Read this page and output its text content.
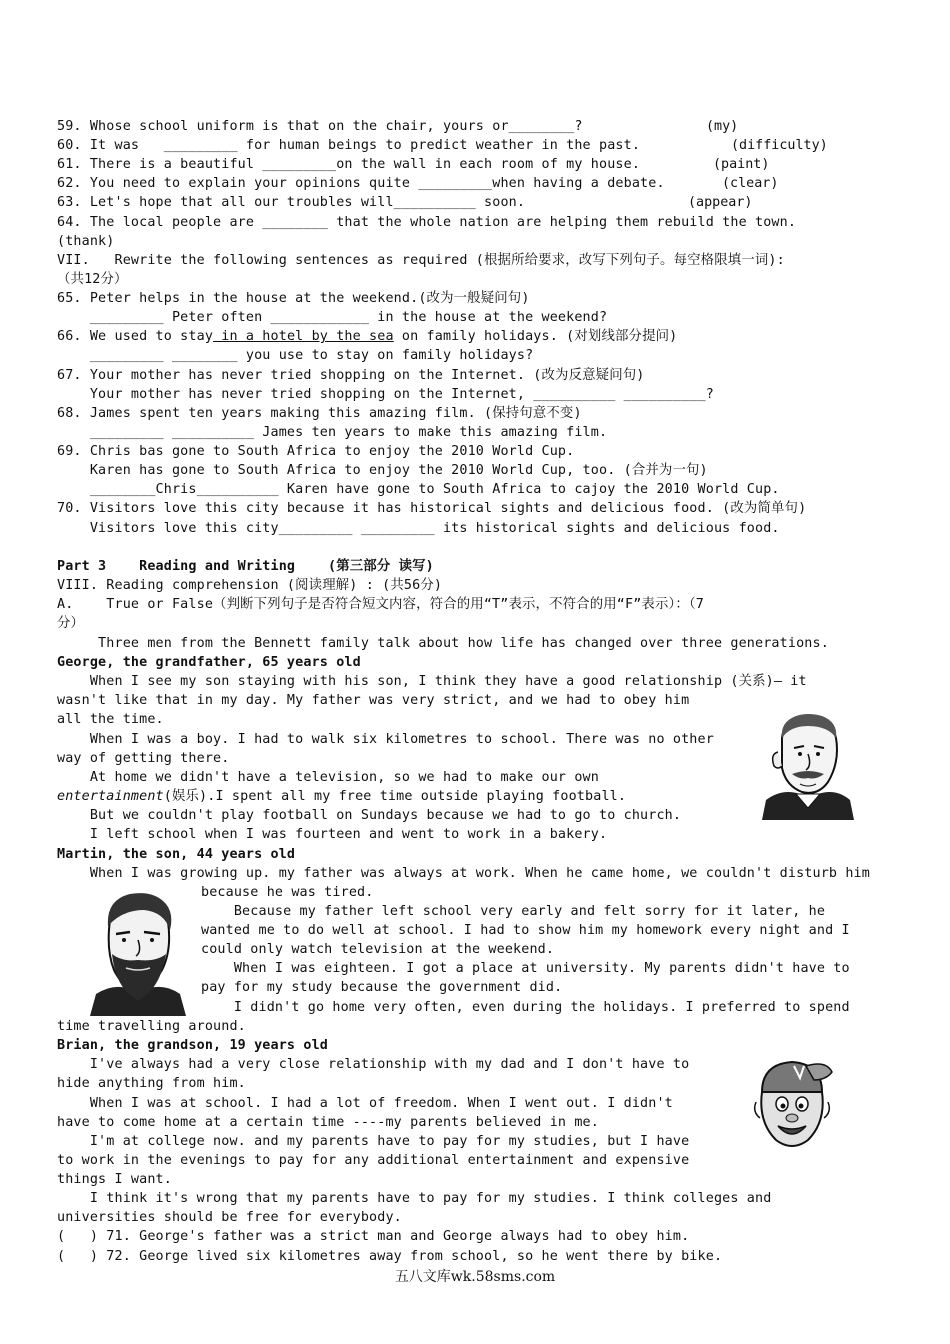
59. Whose school uniform is that on the chair, yours or________?	(my)
60. It was   _________ for human beings to predict weather in the past.	(difficulty)
61. There is a beautiful _________on the wall in each room of my house.	(paint)
62. You need to explain your opinions quite _________when having a debate.	(clear)
63. Let's hope that all our troubles will__________ soon.	(appear)
64. The local people are ________ that the whole nation are helping them rebuild the town.
(thank)
VII.   Rewrite the following sentences as required (根据所给要求，改写下列句子。每空格限填一词):
（共12分）
65. Peter helps in the house at the weekend.(改为一般疑问句)
_________ Peter often ____________ in the house at the weekend?
66. We used to stay in a hotel by the sea on family holidays. (对划线部分提问)
_________ ________ you use to stay on family holidays?
67. Your mother has never tried shopping on the Internet. (改为反意疑问句)
Your mother has never tried shopping on the Internet, __________ __________?
68. James spent ten years making this amazing film. (保持句意不变)
_________ __________ James ten years to make this amazing film.
69. Chris bas gone to South Africa to enjoy the 2010 World Cup.
Karen has gone to South Africa to enjoy the 2010 World Cup, too. (合并为一句)
________Chris__________ Karen have gone to South Africa to cajoy the 2010 World Cup.
70. Visitors love this city because it has historical sights and delicious food. (改为简单句)
Visitors love this city_________ _________ its historical sights and delicious food.
Part 3    Reading and Writing    (第三部分 读写)
VIII. Reading comprehension (阅读理解) : (共56分)
A.    True or False（判断下列句子是否符合短文内容，符合的用“T”表示，不符合的用“F”表示）：（7
分）
Three men from the Bennett family talk about how life has changed over three generations.
George, the grandfather, 65 years old
When I see my son staying with his son, I think they have a good relationship (关系)— it
wasn't like that in my day. My father was very strict, and we had to obey him
all the time.
When I was a boy. I had to walk six kilometres to school. There was no other
way of getting there.
At home we didn't have a television, so we had to make our own
entertainment(娱乐).I spent all my free time outside playing football.
But we couldn't play football on Sundays because we had to go to church.
I left school when I was fourteen and went to work in a bakery.
Martin, the son, 44 years old
When I was growing up. my father was always at work. When he came home, we couldn't disturb him
because he was tired.
Because my father left school very early and felt sorry for it later, he
wanted me to do well at school. I had to show him my homework every night and I
could only watch television at the weekend.
When I was eighteen. I got a place at university. My parents didn't have to
pay for my study because the government did.
I didn't go home very often, even during the holidays. I preferred to spend
time travelling around.
Brian, the grandson, 19 years old
I've always had a very close relationship with my dad and I don't have to
hide anything from him.
When I was at school. I had a lot of freedom. When I went out. I didn't
have to come home at a certain time ----my parents believed in me.
I'm at college now. and my parents have to pay for my studies, but I have
to work in the evenings to pay for any additional entertainment and expensive
things I want.
I think it's wrong that my parents have to pay for my studies. I think colleges and
universities should be free for everybody.
(   ) 71. George's father was a strict man and George always had to obey him.
(   ) 72. George lived six kilometres away from school, so he went there by bike.
五八文库wk.58sms.com
